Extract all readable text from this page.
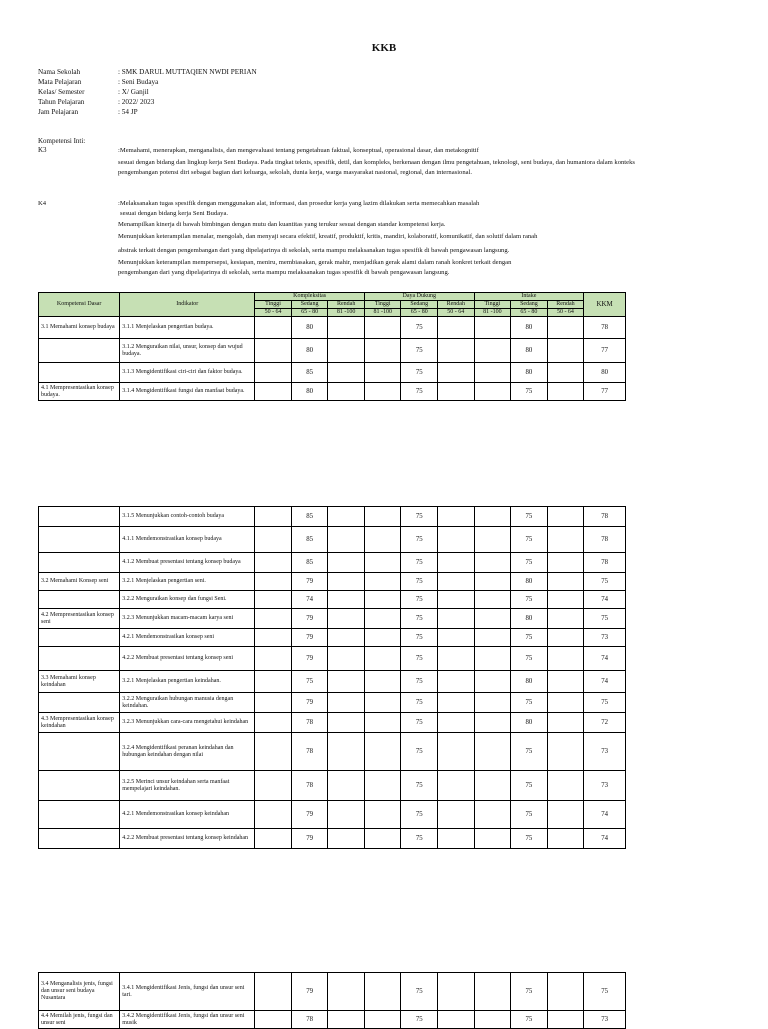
KKB
Nama Sekolah	: SMK DARUL MUTTAQIEN NWDI PERIAN
Mata Pelajaran	: Seni Budaya
Kelas/ Semester	: X/ Ganjil
Tahun Pelajaran	: 2022/ 2023
Jam Pelajaran	: 54 JP
Kompetensi Inti:
K3	:Memahami, menerapkan, menganalisis, dan mengevaluasi tentang pengetahuan faktual, konseptual, operasional dasar, dan metakognitif
sesuai dengan bidang dan lingkup kerja Seni Budaya. Pada tingkat teknis, spesifik, detil, dan kompleks, berkenaan dengan ilmu pengetahuan, teknologi, seni budaya, dan humaniora dalam konteks pengembangan potensi diri sebagai bagian dari keluarga, sekolah, dunia kerja, warga masyarakat nasional, regional, dan internasional.
K4	:Melaksanakan tugas spesifik dengan menggunakan alat, informasi, dan prosedur kerja yang lazim dilakukan serta memecahkan masalah
sesuai dengan bidang kerja Seni Budaya.
Menampilkan kinerja di bawah bimbingan dengan mutu dan kuantitas yang terukur sesuai dengan standar kompetensi kerja.
Menunjukkan keterampilan menalar, mengolah, dan menyaji secara efektif, kreatif, produktif, kritis, mandiri, kolaboratif, komunikatif, dan solutif dalam ranah
abstrak terkait dengan pengembangan dari yang dipelajarinya di sekolah, serta mampu melaksanakan tugas spesifik di bawah pengawasan langsung.
Menunjukkan keterampilan mempersepsi, kesiapan, meniru, membiasakan, gerak mahir, menjadikan gerak alami dalam ranah konkret terkait dengan
pengembangan dari yang dipelajarinya di sekolah, serta mampu melaksanakan tugas spesifik di bawah pengawasan langsung.
Kompetensi Dasar	Indikator	Kompleksitas			Daya Dukung			Intake			KKM
		Tinggi	Sedang	Rendah	Tinggi	Sedang	Rendah	Tinggi	Sedang	Rendah	
		50 - 64	65 - 80	81 -100	81 -100	65 - 80	50 - 64	81 -100	65 - 80	50 - 64	
3.1 Memahami konsep budaya	3.1.1 Menjelaskan pengertian budaya.		80			75			80		78
	3.1.2 Menguraikan nilai, unsur, konsep dan wujud budaya.		80			75			80		77
	3.1.3 Mengidentifikasi ciri-ciri dan faktor budaya.		85			75			80		80
4.1 Mempresentasikan konsep budaya.	3.1.4 Mengidentifikasi fungsi dan manfaat budaya.		80			75			75		77
	3.1.5 Menunjukkan contoh-contoh budaya		85			75			75		78
	4.1.1 Mendemonstrasikan konsep budaya		85			75			75		78
	4.1.2 Membuat presentasi tentang konsep budaya		85			75			75		78
3.2 Memahami Konsep seni	3.2.1 Menjelaskan pengertian seni.		79			75			80		75
	3.2.2 Menguraikan konsep dan fungsi Seni.		74			75			75		74
4.2 Mempresentasikan konsep seni	3.2.3 Menunjukkan macam-macam karya seni		79			75			80		75
	4.2.1 Mendemonstrasikan konsep seni		79			75			75		73
	4.2.2 Membuat presentasi tentang konsep seni		79			75			75		74
3.3 Memahami konsep keindahan	3.2.1 Menjelaskan pengertian keindahan.		75			75			80		74
	3.2.2 Menguraikan hubungan manusia dengan keindahan.		79			75			75		75
4.3 Mempresentasikan konsep keindahan	3.2.3 Menunjukkan cara-cara mengetahui keindahan		78			75			80		72
	3.2.4 Mengidentifikasi peranan keindahan dan hubungan keindahan dengan nilai		78			75			75		73
	3.2.5 Merinci unsur keindahan serta manfaat mempelajari keindahan.		78			75			75		73
	4.2.1 Mendemonstrasikan konsep keindahan		79			75			75		74
	4.2.2 Membuat presentasi tentang konsep keindahan		79			75			75		74
3.4 Menganalisis jenis, fungsi dan unsur seni budaya Nusantara	3.4.1 Mengidentifikasi Jenis, fungsi dan unsur seni tari.		79			75			75		75
4.4 Memilah jenis, fungsi dan unsur seni	3.4.2 Mengidentifikasi Jenis, fungsi dan unsur seni musik		78			75			75		73
